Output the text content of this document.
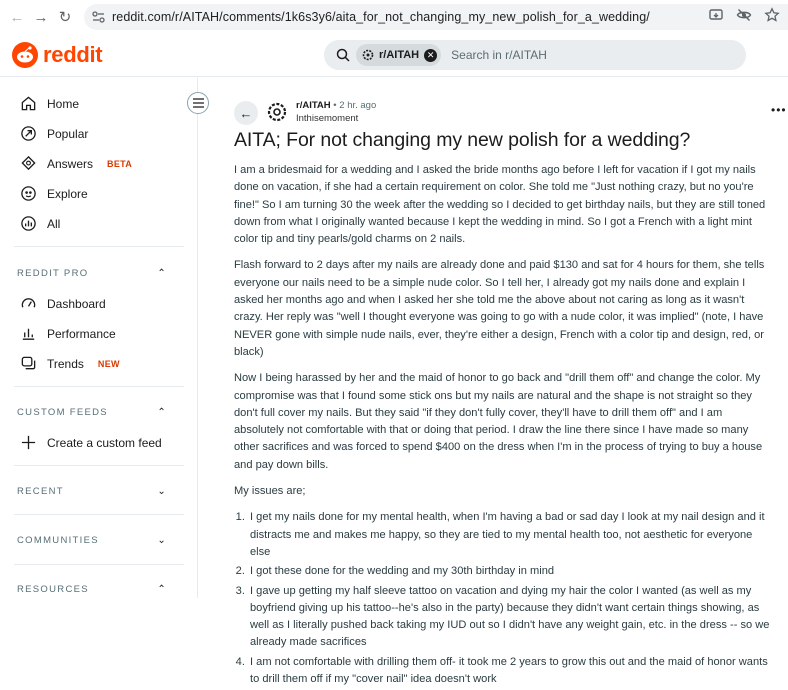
← → ↻	reddit.com/r/AITAH/comments/1k6s3y6/aita_for_not_changing_my_new_polish_for_a_wedding/
reddit	r/AITAH ✕ Search in r/AITAH
Home
Popular
Answers BETA
Explore
All
REDDIT PRO	⌃
Dashboard
Performance
Trends NEW
CUSTOM FEEDS	⌃
Create a custom feed
RECENT	⌄
COMMUNITIES	⌄
RESOURCES	⌃
←	r/AITAH • 2 hr. ago
Inthisemoment
•••
AITA; For not changing my new polish for a wedding?

I am a bridesmaid for a wedding and I asked the bride months ago before I left for vacation if I got my nails done on vacation, if she had a certain requirement on color. She told me "Just nothing crazy, but no you're fine!" So I am turning 30 the week after the wedding so I decided to get birthday nails, but they are still toned down from what I originally wanted because I kept the wedding in mind. So I got a French with a light mint color tip and tiny pearls/gold charms on 2 nails.

Flash forward to 2 days after my nails are already done and paid $130 and sat for 4 hours for them, she tells everyone our nails need to be a simple nude color. So I tell her, I already got my nails done and explain I asked her months ago and when I asked her she told me the above about not caring as long as it wasn't crazy. Her reply was "well I thought everyone was going to go with a nude color, it was implied" (note, I have NEVER gone with simple nude nails, ever, they're either a design, French with a color tip and design, red, or black)

Now I being harassed by her and the maid of honor to go back and "drill them off" and change the color. My compromise was that I found some stick ons but my nails are natural and the shape is not straight so they don't full cover my nails. But they said "if they don't fully cover, they'll have to drill them off" and I am absolutely not comfortable with that or doing that period. I draw the line there since I have made so many other sacrifices and was forced to spend $400 on the dress when I'm in the process of trying to buy a house and pay down bills.

My issues are;

1. I get my nails done for my mental health, when I'm having a bad or sad day I look at my nail design and it distracts me and makes me happy, so they are tied to my mental health too, not aesthetic for everyone else
2. I got these done for the wedding and my 30th birthday in mind
3. I gave up getting my half sleeve tattoo on vacation and dying my hair the color I wanted (as well as my boyfriend giving up his tattoo--he's also in the party) because they didn't want certain things showing, as well as I literally pushed back taking my IUD out so I didn't have any weight gain, etc. in the dress -- so we already made sacrifices
4. I am not comfortable with drilling them off- it took me 2 years to grow this out and the maid of honor wants to drill them off if my "cover nail" idea doesn't work
